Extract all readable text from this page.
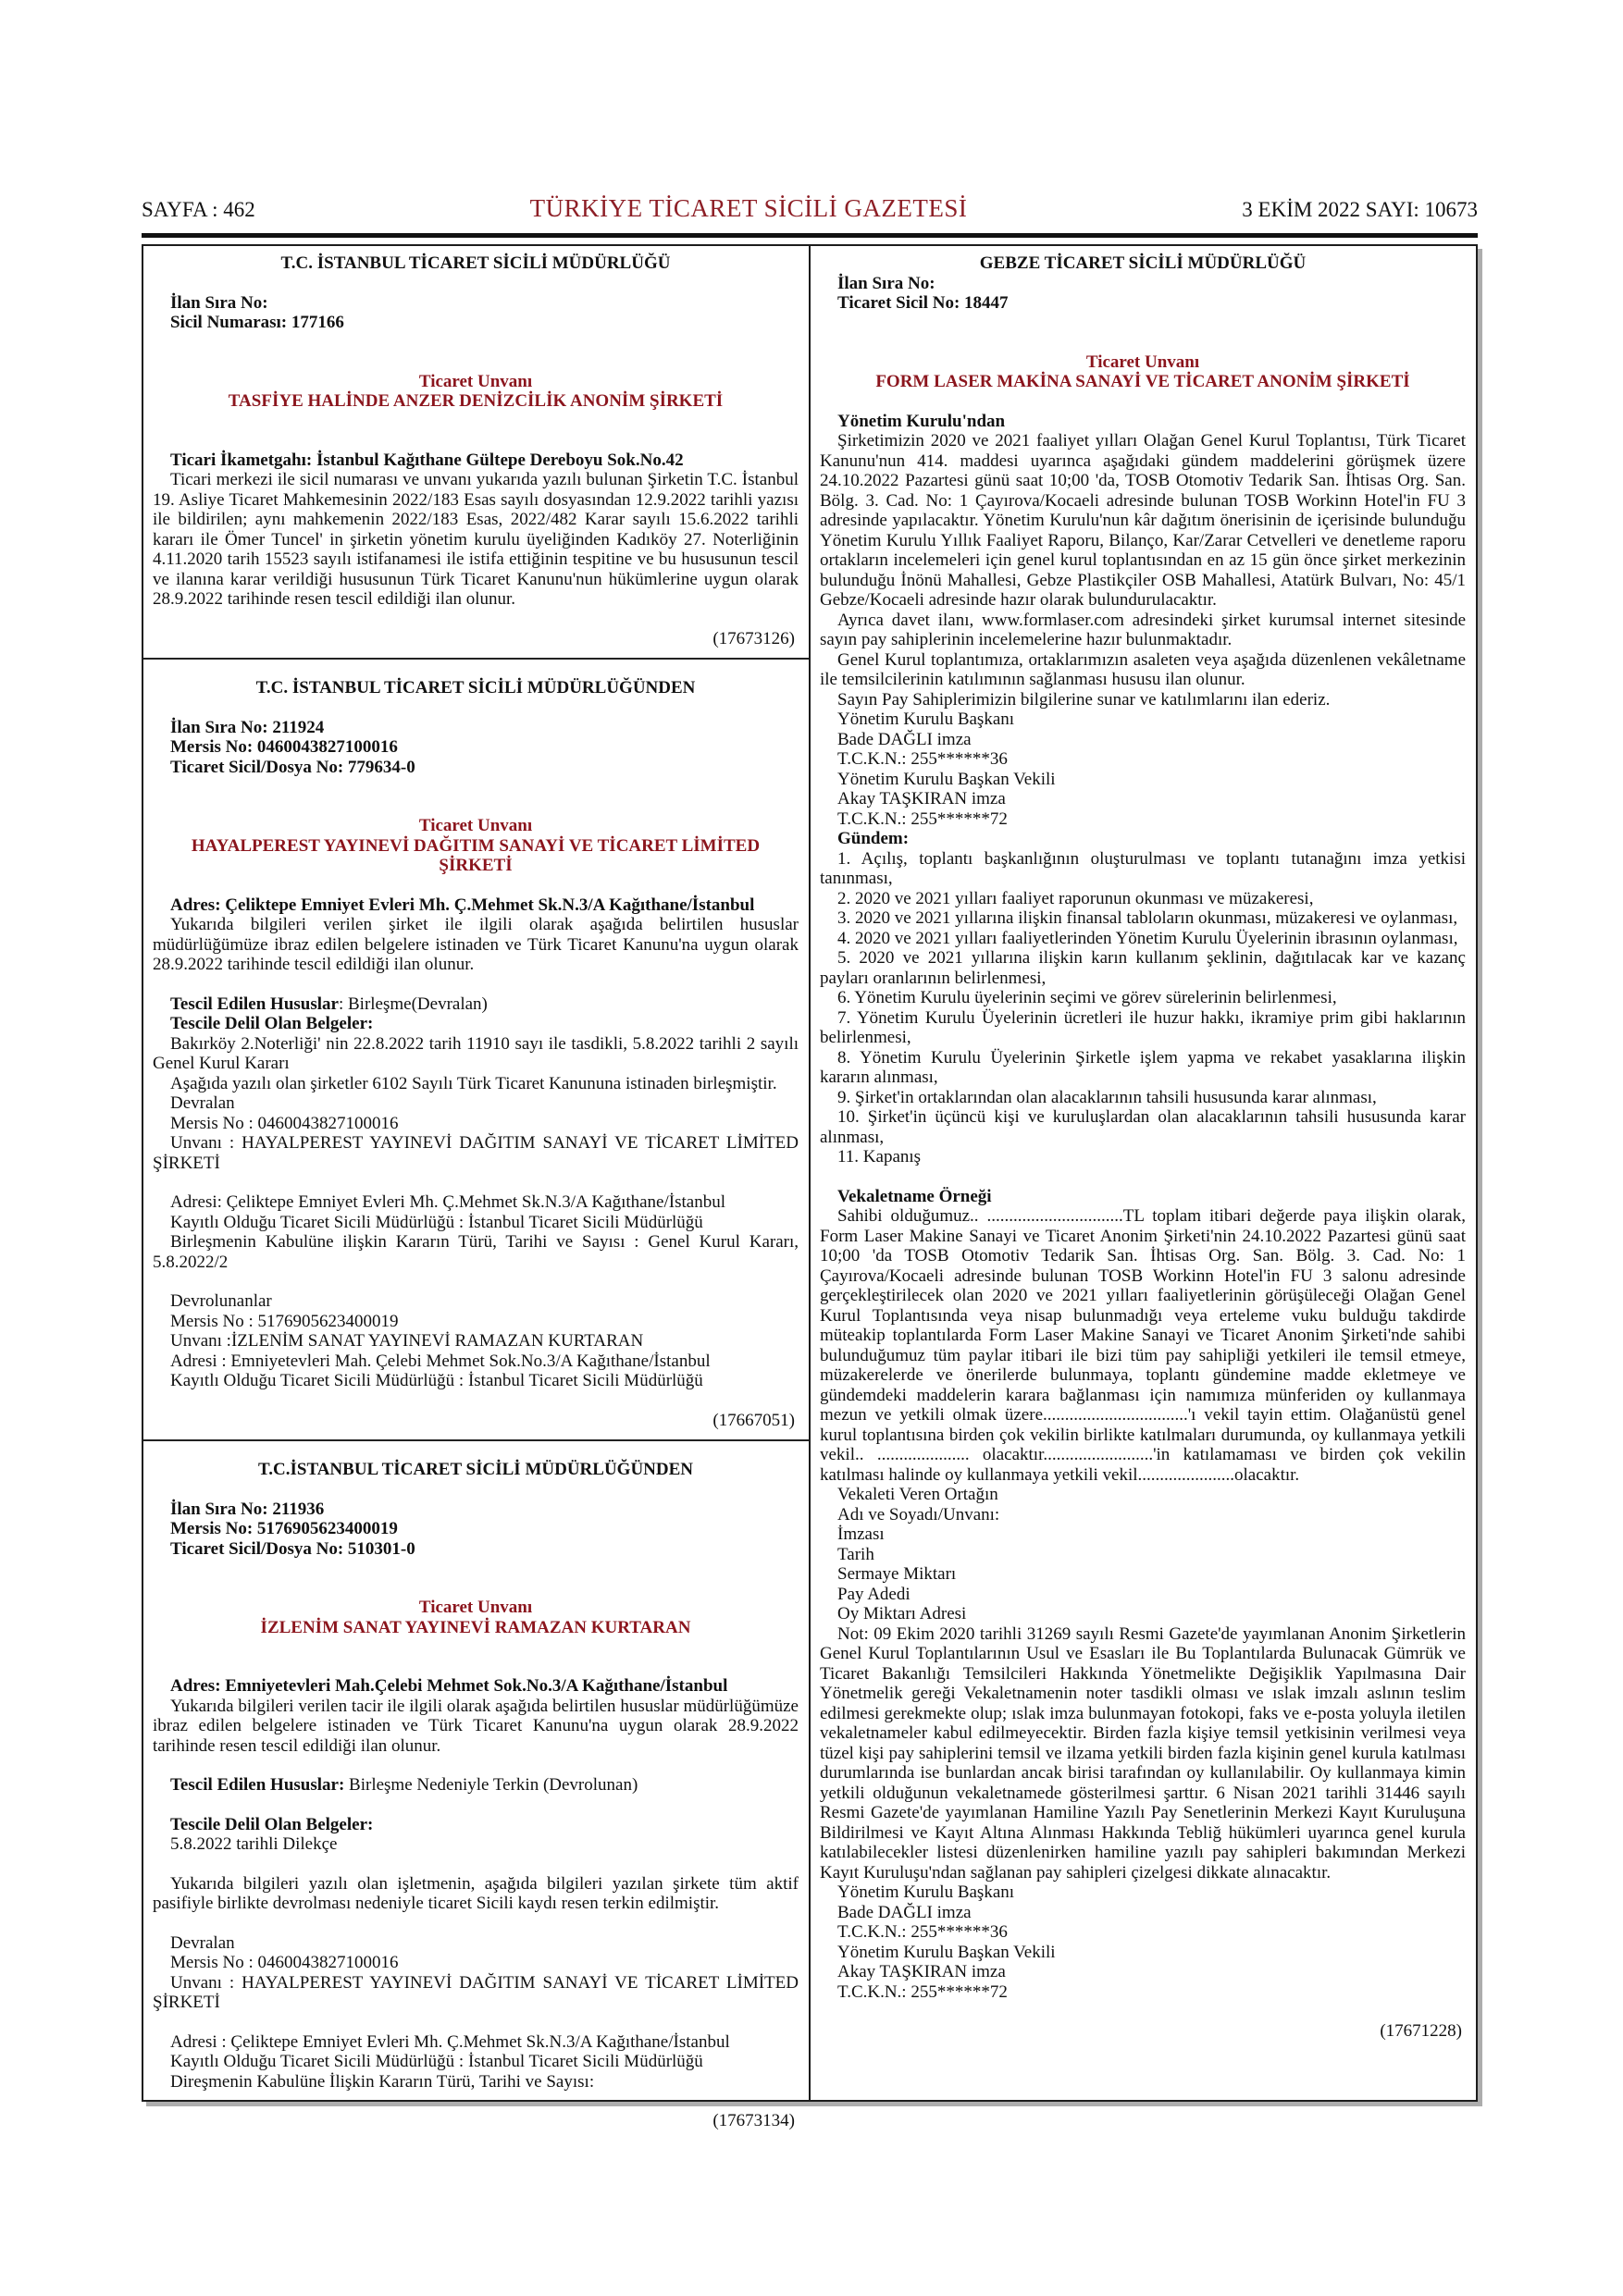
SAYFA : 462	TÜRKİYE TİCARET SİCİLİ GAZETESİ	3 EKİM 2022 SAYI: 10673
T.C. İSTANBUL TİCARET SİCİLİ MÜDÜRLÜĞÜ
İlan Sıra No:
Sicil Numarası: 177166
Ticaret Unvanı
TASFİYE HALİNDE ANZER DENİZCİLİK ANONİM ŞİRKETİ
Ticari İkametgahı: İstanbul Kağıthane Gültepe Dereboyu Sok.No.42

Ticari merkezi ile sicil numarası ve unvanı yukarıda yazılı bulunan Şirketin T.C. İstanbul 19. Asliye Ticaret Mahkemesinin 2022/183 Esas sayılı dosyasından 12.9.2022 tarihli yazısı ile bildirilen; aynı mahkemenin 2022/183 Esas, 2022/482 Karar sayılı 15.6.2022 tarihli kararı ile Ömer Tuncel' in şirketin yönetim kurulu üyeliğinden Kadıköy 27. Noterliğinin 4.11.2020 tarih 15523 sayılı istifanamesi ile istifa ettiğinin tespitine ve bu hususunun tescil ve ilanına karar verildiği hususunun Türk Ticaret Kanunu'nun hükümlerine uygun olarak 28.9.2022 tarihinde resen tescil edildiği ilan olunur.

(17673126)
T.C. İSTANBUL TİCARET SİCİLİ MÜDÜRLÜĞÜNDEN
İlan Sıra No: 211924
Mersis No: 0460043827100016
Ticaret Sicil/Dosya No: 779634-0
Ticaret Unvanı
HAYALPEREST YAYINEVİ DAĞITIM SANAYİ VE TİCARET LİMİTED ŞİRKETİ
Adres: Çeliktepe Emniyet Evleri Mh. Ç.Mehmet Sk.N.3/A Kağıthane/İstanbul

Yukarıda bilgileri verilen şirket ile ilgili olarak aşağıda belirtilen hususlar müdürlüğümüze ibraz edilen belgelere istinaden ve Türk Ticaret Kanunu'na uygun olarak 28.9.2022 tarihinde tescil edildiği ilan olunur.

Tescil Edilen Hususlar: Birleşme(Devralan)

Tescile Delil Olan Belgeler:

Bakırköy 2.Noterliği' nin 22.8.2022 tarih 11910 sayı ile tasdikli, 5.8.2022 tarihli 2 sayılı Genel Kurul Kararı

Aşağıda yazılı olan şirketler 6102 Sayılı Türk Ticaret Kanununa istinaden birleşmiştir.

Devralan

Mersis No : 0460043827100016

Unvanı : HAYALPEREST YAYINEVİ DAĞITIM SANAYİ VE TİCARET LİMİTED ŞİRKETİ

Adresi: Çeliktepe Emniyet Evleri Mh. Ç.Mehmet Sk.N.3/A Kağıthane/İstanbul

Kayıtlı Olduğu Ticaret Sicili Müdürlüğü : İstanbul Ticaret Sicili Müdürlüğü

Birleşmenin Kabulüne ilişkin Kararın Türü, Tarihi ve Sayısı : Genel Kurul Kararı, 5.8.2022/2

Devrolunanlar

Mersis No : 5176905623400019

Unvanı :İZLENİM SANAT YAYINEVİ RAMAZAN KURTARAN

Adresi : Emniyetevleri Mah. Çelebi Mehmet Sok.No.3/A Kağıthane/İstanbul

Kayıtlı Olduğu Ticaret Sicili Müdürlüğü : İstanbul Ticaret Sicili Müdürlüğü

(17667051)
T.C.İSTANBUL TİCARET SİCİLİ MÜDÜRLÜĞÜNDEN
İlan Sıra No: 211936
Mersis No: 5176905623400019
Ticaret Sicil/Dosya No: 510301-0
Ticaret Unvanı
İZLENİM SANAT YAYINEVİ RAMAZAN KURTARAN
Adres: Emniyetevleri Mah.Çelebi Mehmet Sok.No.3/A Kağıthane/İstanbul

Yukarıda bilgileri verilen tacir ile ilgili olarak aşağıda belirtilen hususlar müdürlüğümüze ibraz edilen belgelere istinaden ve Türk Ticaret Kanunu'na uygun olarak 28.9.2022 tarihinde resen tescil edildiği ilan olunur.

Tescil Edilen Hususlar: Birleşme Nedeniyle Terkin (Devrolunan)

Tescile Delil Olan Belgeler:

5.8.2022 tarihli Dilekçe

Yukarıda bilgileri yazılı olan işletmenin, aşağıda bilgileri yazılan şirkete tüm aktif pasifiyle birlikte devrolması nedeniyle ticaret Sicili kaydı resen terkin edilmiştir.

Devralan

Mersis No : 0460043827100016

Unvanı : HAYALPEREST YAYINEVİ DAĞITIM SANAYİ VE TİCARET LİMİTED ŞİRKETİ

Adresi : Çeliktepe Emniyet Evleri Mh. Ç.Mehmet Sk.N.3/A Kağıthane/İstanbul

Kayıtlı Olduğu Ticaret Sicili Müdürlüğü : İstanbul Ticaret Sicili Müdürlüğü

Direşmenin Kabulüne İlişkin Kararın Türü, Tarihi ve Sayısı:

(17673134)
GEBZE TİCARET SİCİLİ MÜDÜRLÜĞÜ
İlan Sıra No:
Ticaret Sicil No: 18447
Ticaret Unvanı
FORM LASER MAKİNA SANAYİ VE TİCARET ANONİM ŞİRKETİ
Yönetim Kurulu'ndan

Şirketimizin 2020 ve 2021 faaliyet yılları Olağan Genel Kurul Toplantısı, Türk Ticaret Kanunu'nun 414. maddesi uyarınca aşağıdaki gündem maddelerini görüşmek üzere 24.10.2022 Pazartesi günü saat 10;00 'da, TOSB Otomotiv Tedarik San. İhtisas Org. San. Bölg. 3. Cad. No: 1 Çayırova/Kocaeli adresinde bulunan TOSB Workinn Hotel'in FU 3 adresinde yapılacaktır. Yönetim Kurulu'nun kâr dağıtım önerisinin de içerisinde bulunduğu Yönetim Kurulu Yıllık Faaliyet Raporu, Bilanço, Kar/Zarar Cetvelleri ve denetleme raporu ortakların incelemeleri için genel kurul toplantısından en az 15 gün önce şirket merkezinin bulunduğu İnönü Mahallesi, Gebze Plastikçiler OSB Mahallesi, Atatürk Bulvarı, No: 45/1 Gebze/Kocaeli adresinde hazır olarak bulundurulacaktır.

Ayrıca davet ilanı, www.formlaser.com adresindeki şirket kurumsal internet sitesinde sayın pay sahiplerinin incelemelerine hazır bulunmaktadır.

Genel Kurul toplantımıza, ortaklarımızın asaleten veya aşağıda düzenlenen vekâletname ile temsilcilerinin katılımının sağlanması hususu ilan olunur.

Sayın Pay Sahiplerimizin bilgilerine sunar ve katılımlarını ilan ederiz.

Yönetim Kurulu Başkanı

Bade DAĞLI imza

T.C.K.N.: 255******36

Yönetim Kurulu Başkan Vekili

Akay TAŞKIRAN imza

T.C.K.N.: 255******72

Gündem:

1. Açılış, toplantı başkanlığının oluşturulması ve toplantı tutanağını imza yetkisi tanınması,

2. 2020 ve 2021 yılları faaliyet raporunun okunması ve müzakeresi,

3. 2020 ve 2021 yıllarına ilişkin finansal tabloların okunması, müzakeresi ve oylanması,

4. 2020 ve 2021 yılları faaliyetlerinden Yönetim Kurulu Üyelerinin ibrasının oylanması,

5. 2020 ve 2021 yıllarına ilişkin karın kullanım şeklinin, dağıtılacak kar ve kazanç payları oranlarının belirlenmesi,

6. Yönetim Kurulu üyelerinin seçimi ve görev sürelerinin belirlenmesi,

7. Yönetim Kurulu Üyelerinin ücretleri ile huzur hakkı, ikramiye prim gibi haklarının belirlenmesi,

8. Yönetim Kurulu Üyelerinin Şirketle işlem yapma ve rekabet yasaklarına ilişkin kararın alınması,

9. Şirket'in ortaklarından olan alacaklarının tahsili hususunda karar alınması,

10. Şirket'in üçüncü kişi ve kuruluşlardan olan alacaklarının tahsili hususunda karar alınması,

11. Kapanış

Vekaletname Örneği

Sahibi olduğumuz.. ...............................TL toplam itibari değerde paya ilişkin olarak, Form Laser Makine Sanayi ve Ticaret Anonim Şirketi'nin 24.10.2022 Pazartesi günü saat 10;00 'da TOSB Otomotiv Tedarik San. İhtisas Org. San. Bölg. 3. Cad. No: 1 Çayırova/Kocaeli adresinde bulunan TOSB Workinn Hotel'in FU 3 salonu adresinde gerçekleştirilecek olan 2020 ve 2021 yılları faaliyetlerinin görüşüleceği Olağan Genel Kurul Toplantısında veya nisap bulunmadığı veya erteleme vuku bulduğu takdirde müteakip toplantılarda Form Laser Makine Sanayi ve Ticaret Anonim Şirketi'nde sahibi bulunduğumuz tüm paylar itibari ile bizi tüm pay sahipliği yetkileri ile temsil etmeye, müzakerelerde ve önerilerde bulunmaya, toplantı gündemine madde ekletmeye ve gündemdeki maddelerin karara bağlanması için namımıza münferiden oy kullanmaya mezun ve yetkili olmak üzere.................................'ı vekil tayin ettim. Olağanüstü genel kurul toplantısına birden çok vekilin birlikte katılmaları durumunda, oy kullanmaya yetkili vekil.. ..................... olacaktır.........................'in katılamaması ve birden çok vekilin katılması halinde oy kullanmaya yetkili vekil......................olacaktır.

Vekaleti Veren Ortağın

Adı ve Soyadı/Unvanı:

İmzası

Tarih

Sermaye Miktarı

Pay Adedi

Oy Miktarı Adresi

Not: 09 Ekim 2020 tarihli 31269 sayılı Resmi Gazete'de yayımlanan Anonim Şirketlerin Genel Kurul Toplantılarının Usul ve Esasları ile Bu Toplantılarda Bulunacak Gümrük ve Ticaret Bakanlığı Temsilcileri Hakkında Yönetmelikte Değişiklik Yapılmasına Dair Yönetmelik gereği Vekaletnamenin noter tasdikli olması ve ıslak imzalı aslının teslim edilmesi gerekmekte olup; ıslak imza bulunmayan fotokopi, faks ve e-posta yoluyla iletilen vekaletnameler kabul edilmeyecektir. Birden fazla kişiye temsil yetkisinin verilmesi veya tüzel kişi pay sahiplerini temsil ve ilzama yetkili birden fazla kişinin genel kurula katılması durumlarında ise bunlardan ancak birisi tarafından oy kullanılabilir. Oy kullanmaya kimin yetkili olduğunun vekaletnamede gösterilmesi şarttır. 6 Nisan 2021 tarihli 31446 sayılı Resmi Gazete'de yayımlanan Hamiline Yazılı Pay Senetlerinin Merkezi Kayıt Kuruluşuna Bildirilmesi ve Kayıt Altına Alınması Hakkında Tebliğ hükümleri uyarınca genel kurula katılabilecekler listesi düzenlenirken hamiline yazılı pay sahipleri bakımından Merkezi Kayıt Kuruluşu'ndan sağlanan pay sahipleri çizelgesi dikkate alınacaktır.

Yönetim Kurulu Başkanı

Bade DAĞLI imza

T.C.K.N.: 255******36

Yönetim Kurulu Başkan Vekili

Akay TAŞKIRAN imza

T.C.K.N.: 255******72

(17671228)
